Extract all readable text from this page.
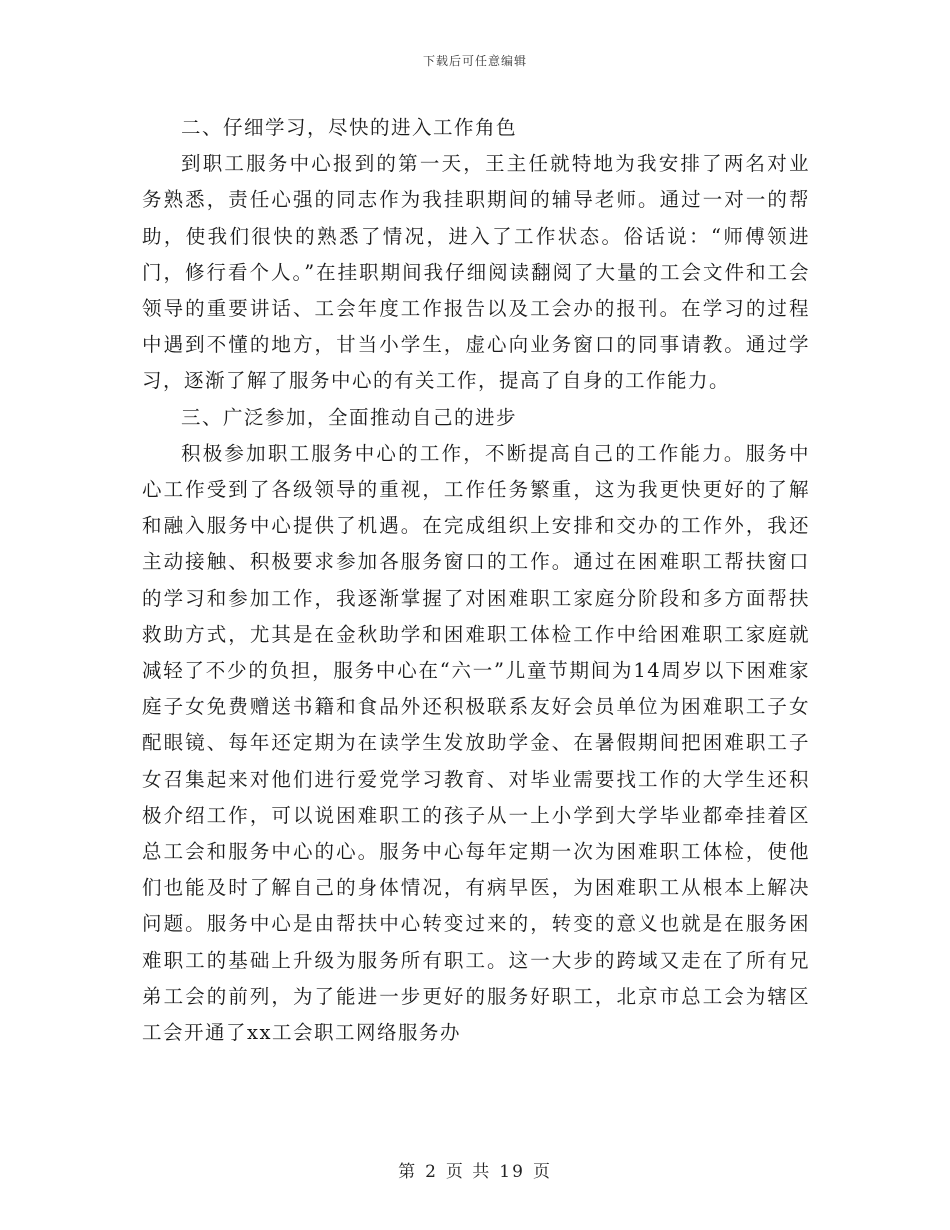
下载后可任意编辑

二、仔细学习，尽快的进入工作角色

到职工服务中心报到的第一天，王主任就特地为我安排了两名对业务熟悉，责任心强的同志作为我挂职期间的辅导老师。通过一对一的帮助，使我们很快的熟悉了情况，进入了工作状态。俗话说：“师傅领进门，修行看个人。”在挂职期间我仔细阅读翻阅了大量的工会文件和工会领导的重要讲话、工会年度工作报告以及工会办的报刊。在学习的过程中遇到不懂的地方，甘当小学生，虚心向业务窗口的同事请教。通过学习，逐渐了解了服务中心的有关工作，提高了自身的工作能力。

三、广泛参加，全面推动自己的进步

积极参加职工服务中心的工作，不断提高自己的工作能力。服务中心工作受到了各级领导的重视，工作任务繁重，这为我更快更好的了解和融入服务中心提供了机遇。在完成组织上安排和交办的工作外，我还主动接触、积极要求参加各服务窗口的工作。通过在困难职工帮扶窗口的学习和参加工作，我逐渐掌握了对困难职工家庭分阶段和多方面帮扶救助方式，尤其是在金秋助学和困难职工体检工作中给困难职工家庭就减轻了不少的负担，服务中心在“六一”儿童节期间为14周岁以下困难家庭子女免费赠送书籍和食品外还积极联系友好会员单位为困难职工子女配眼镜、每年还定期为在读学生发放助学金、在暑假期间把困难职工子女召集起来对他们进行爱党学习教育、对毕业需要找工作的大学生还积极介绍工作，可以说困难职工的孩子从一上小学到大学毕业都牵挂着区总工会和服务中心的心。服务中心每年定期一次为困难职工体检，使他们也能及时了解自己的身体情况，有病早医，为困难职工从根本上解决问题。服务中心是由帮扶中心转变过来的，转变的意义也就是在服务困难职工的基础上升级为服务所有职工。这一大步的跨域又走在了所有兄弟工会的前列，为了能进一步更好的服务好职工，北京市总工会为辖区工会开通了xx工会职工网络服务办

第 2 页 共 19 页
